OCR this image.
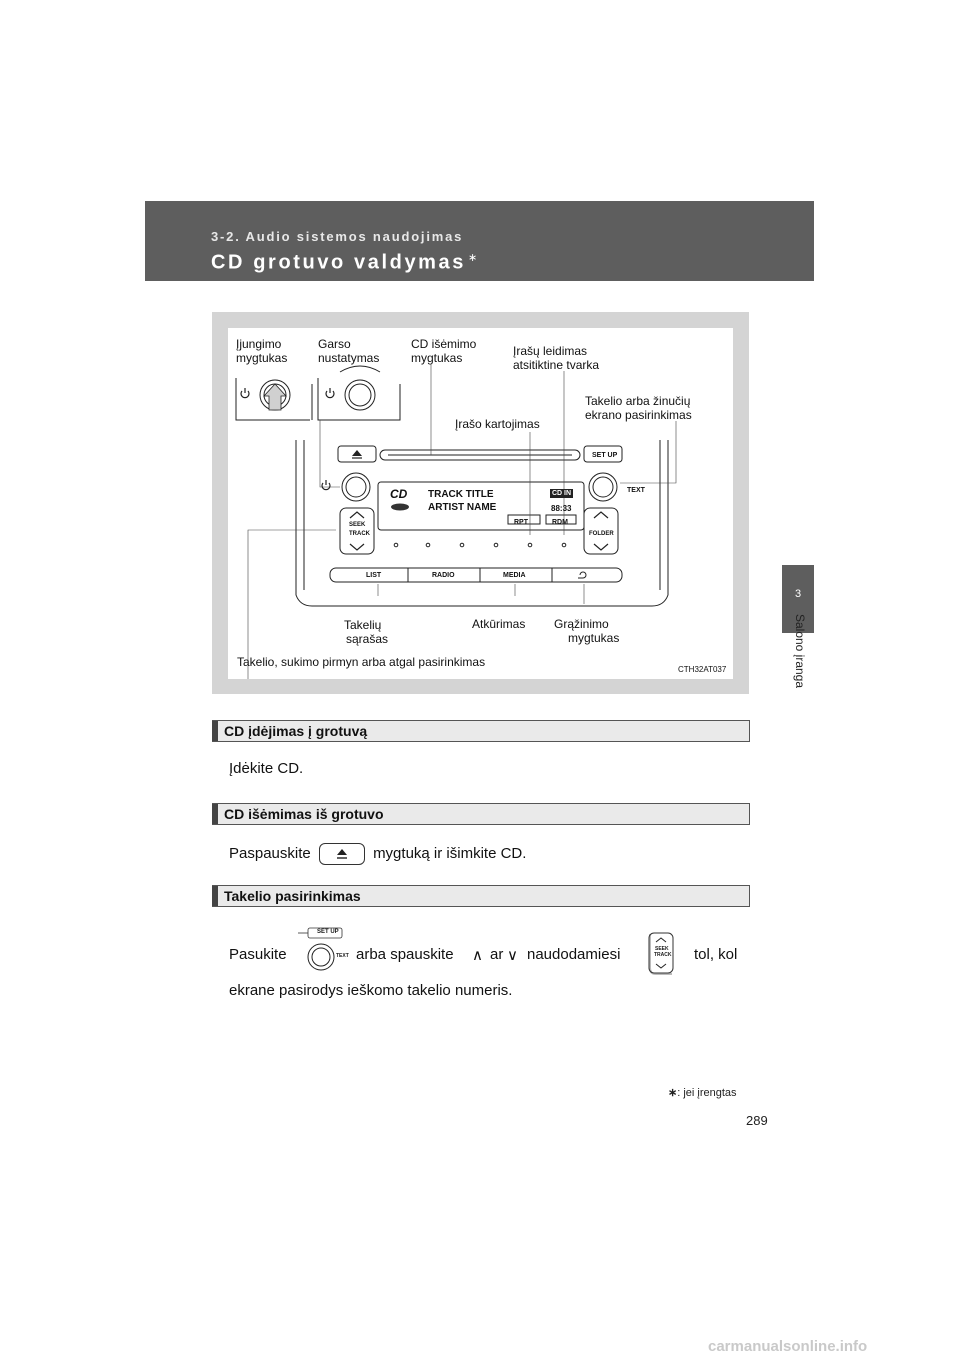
3-2. Audio sistemos naudojimas
CD grotuvo valdymas ∗
3
Salono įranga
SET UP
TEXT
CD TRACK TITLE
ARTIST NAME
CD IN
88:33
RPT	RDM
SEEK
TRACK	FOLDER
LIST	RADIO	MEDIA
Įjungimo
mygtukas
Garso
nustatymas
CD išėmimo
mygtukas	Įrašų leidimas
atsitiktine tvarka
Takelio arba žinučių
ekrano pasirinkimas
Įrašo kartojimas
Takelių
sąrašas
Atkūrimas Grąžinimo
mygtukas
Takelio, sukimo pirmyn arba atgal pasirinkimas
CTH32AT037
CD įdėjimas į grotuvą
Įdėkite CD.
CD išėmimas iš grotuvo
Paspauskite	mygtuką ir išimkite CD.
Takelio pasirinkimas
Pasukite
SET UP
TEXT arba spauskite ∧ ar ∨ naudodamiesi	SEEK
TRACK tol, kol
ekrane pasirodys ieškomo takelio numeris.
∗: jei įrengtas
289
carmanualsonline.info
